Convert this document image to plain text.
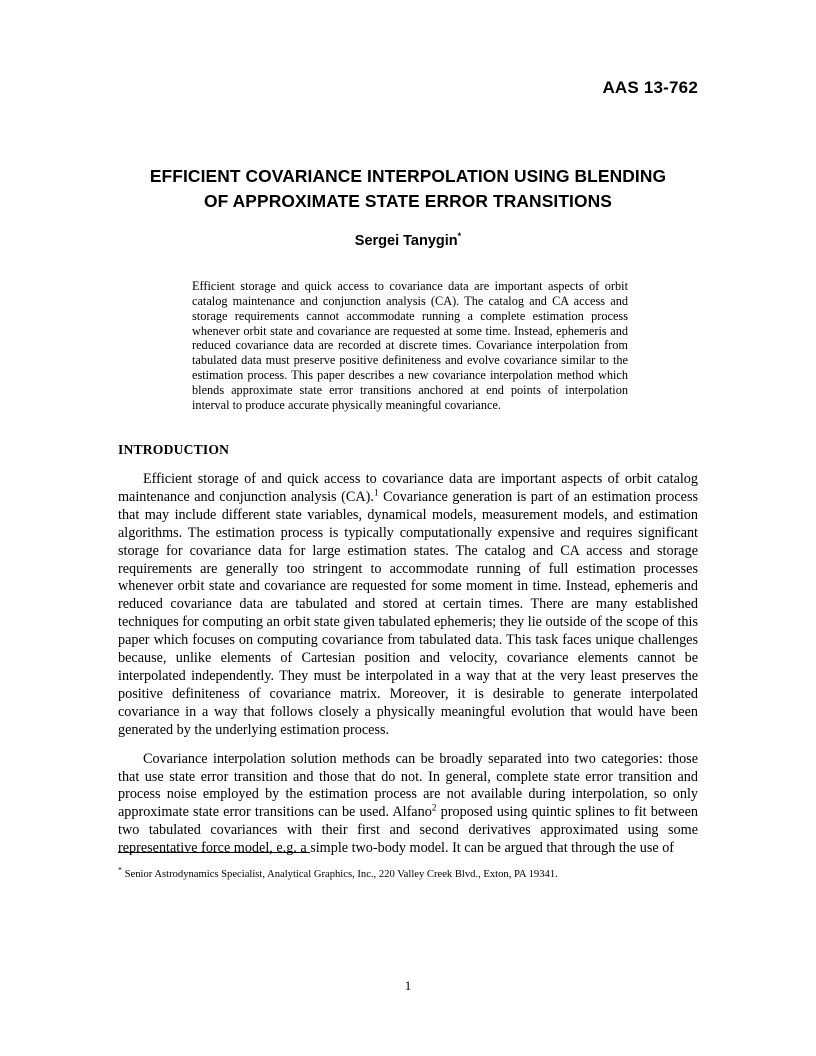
AAS 13-762
EFFICIENT COVARIANCE INTERPOLATION USING BLENDING
OF APPROXIMATE STATE ERROR TRANSITIONS
Sergei Tanygin*
Efficient storage and quick access to covariance data are important aspects of orbit catalog maintenance and conjunction analysis (CA). The catalog and CA access and storage requirements cannot accommodate running a complete estimation process whenever orbit state and covariance are requested at some time. Instead, ephemeris and reduced covariance data are recorded at discrete times. Covariance interpolation from tabulated data must preserve positive definiteness and evolve covariance similar to the estimation process. This paper describes a new covariance interpolation method which blends approximate state error transitions anchored at end points of interpolation interval to produce accurate physically meaningful covariance.
INTRODUCTION

Efficient storage of and quick access to covariance data are important aspects of orbit catalog maintenance and conjunction analysis (CA).$^1$ Covariance generation is part of an estimation process that may include different state variables, dynamical models, measurement models, and estimation algorithms. The estimation process is typically computationally expensive and requires significant storage for covariance data for large estimation states. The catalog and CA access and storage requirements are generally too stringent to accommodate running of full estimation processes whenever orbit state and covariance are requested for some moment in time. Instead, ephemeris and reduced covariance data are tabulated and stored at certain times. There are many established techniques for computing an orbit state given tabulated ephemeris; they lie outside of the scope of this paper which focuses on computing covariance from tabulated data. This task faces unique challenges because, unlike elements of Cartesian position and velocity, covariance elements cannot be interpolated independently. They must be interpolated in a way that at the very least preserves the positive definiteness of covariance matrix. Moreover, it is desirable to generate interpolated covariance in a way that follows closely a physically meaningful evolution that would have been generated by the underlying estimation process.

Covariance interpolation solution methods can be broadly separated into two categories: those that use state error transition and those that do not. In general, complete state error transition and process noise employed by the estimation process are not available during interpolation, so only approximate state error transitions can be used. Alfano$^2$ proposed using quintic splines to fit between two tabulated covariances with their first and second derivatives approximated using some representative force model, e.g. a simple two-body model. It can be argued that through the use of

* Senior Astrodynamics Specialist, Analytical Graphics, Inc., 220 Valley Creek Blvd., Exton, PA 19341.
1
